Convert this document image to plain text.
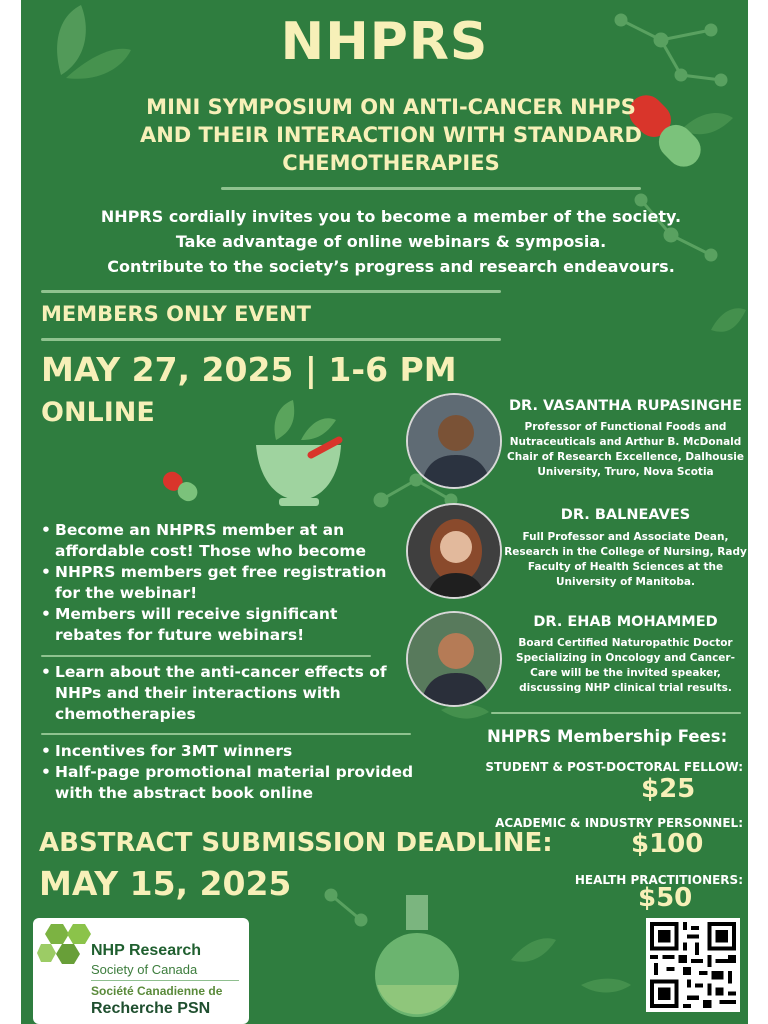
NHPRS
MINI SYMPOSIUM ON ANTI-CANCER NHPS
AND THEIR INTERACTION WITH STANDARD
CHEMOTHERAPIES
NHPRS cordially invites you to become a member of the society.
Take advantage of online webinars & symposia.
Contribute to the society’s progress and research endeavours.
MEMBERS ONLY EVENT
MAY 27, 2025 | 1-6 PM
ONLINE
• Become an NHPRS member at an affordable cost! Those who become
• NHPRS members get free registration for the webinar!
• Members will receive significant rebates for future webinars!
• Learn about the anti-cancer effects of NHPs and their interactions with chemotherapies
• Incentives for 3MT winners
• Half-page promotional material provided with the abstract book online
DR. VASANTHA RUPASINGHE
Professor of Functional Foods and Nutraceuticals and Arthur B. McDonald Chair of Research Excellence, Dalhousie University, Truro, Nova Scotia
DR. BALNEAVES
Full Professor and Associate Dean, Research in the College of Nursing, Rady Faculty of Health Sciences at the University of Manitoba.
DR. EHAB MOHAMMED
Board Certified Naturopathic Doctor Specializing in Oncology and Cancer-Care will be the invited speaker, discussing NHP clinical trial results.
NHPRS Membership Fees:
STUDENT & POST-DOCTORAL FELLOW:
$25
ACADEMIC & INDUSTRY PERSONNEL:
$100
HEALTH PRACTITIONERS:
$50
ABSTRACT SUBMISSION DEADLINE:
MAY 15, 2025
NHP Research
Society of Canada
Société Canadienne de
Recherche PSN
